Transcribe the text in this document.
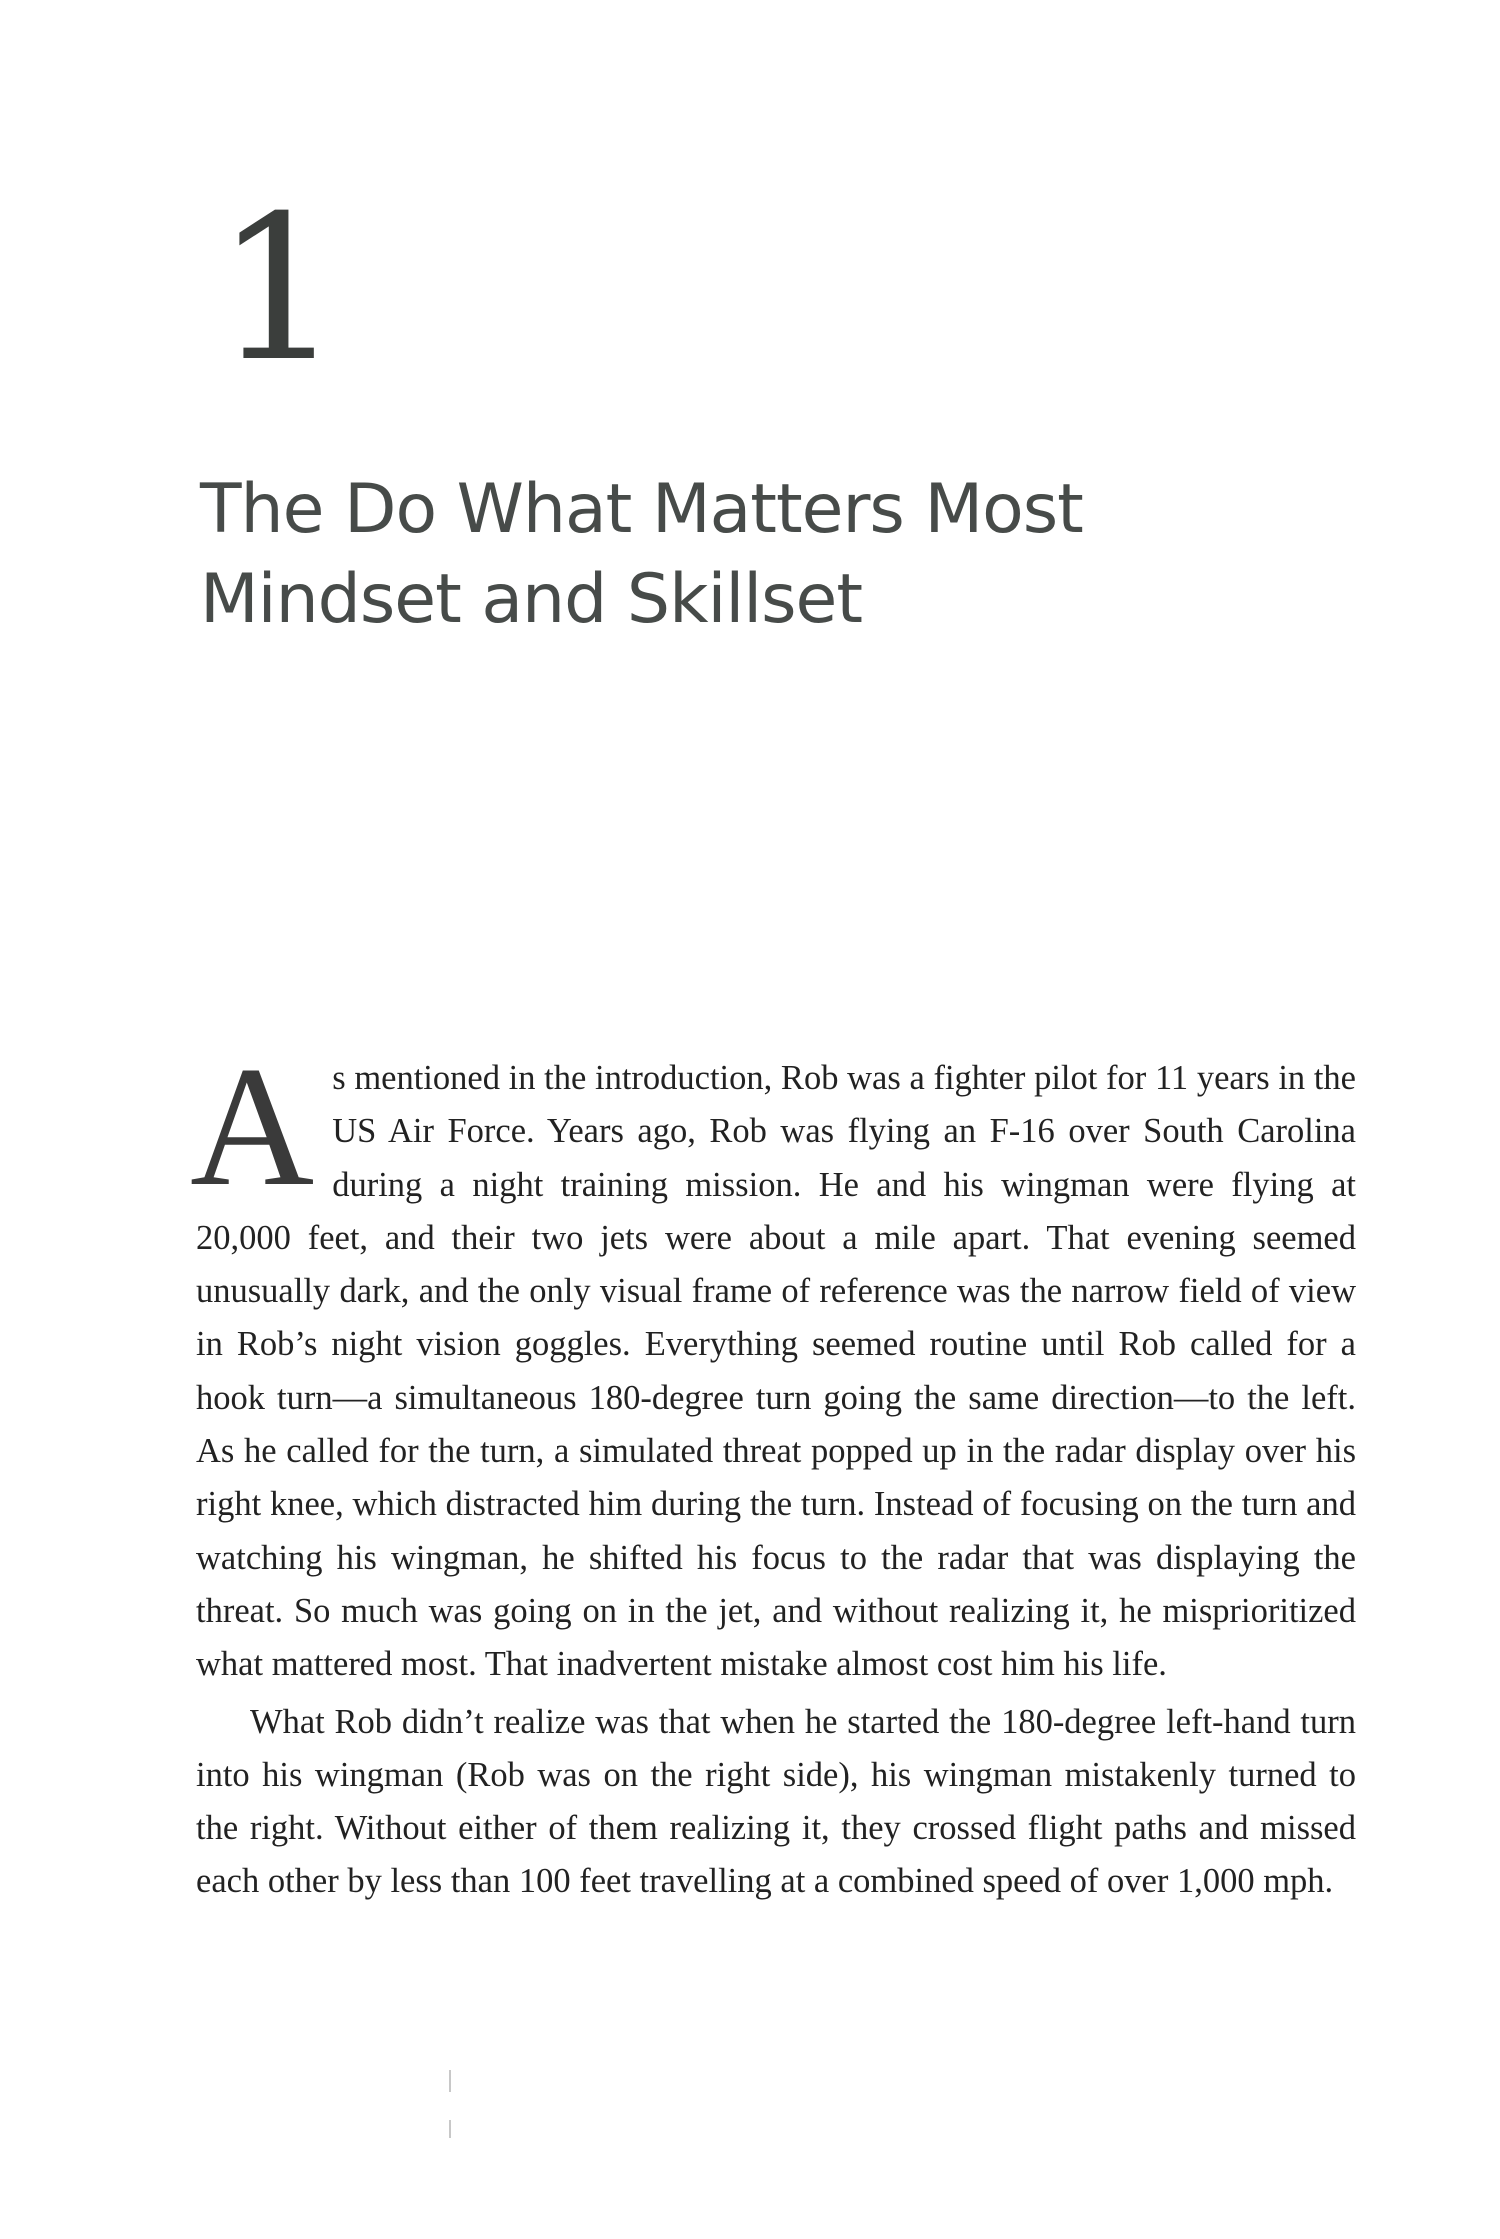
1
The Do What Matters Most
Mindset and Skillset

As mentioned in the introduction, Rob was a fighter pilot for 11 years in the US Air Force. Years ago, Rob was flying an F-16 over South Carolina during a night training mission. He and his wingman were flying at 20,000 feet, and their two jets were about a mile apart. That evening seemed unusually dark, and the only visual frame of reference was the narrow field of view in Rob’s night vision goggles. Everything seemed routine until Rob called for a hook turn—a simultaneous 180-degree turn going the same direction—to the left. As he called for the turn, a simulated threat popped up in the radar display over his right knee, which distracted him during the turn. Instead of focusing on the turn and watching his wingman, he shifted his focus to the radar that was displaying the threat. So much was going on in the jet, and without realizing it, he misprioritized what mattered most. That inadvertent mistake almost cost him his life.

What Rob didn’t realize was that when he started the 180-degree left-hand turn into his wingman (Rob was on the right side), his wingman mistakenly turned to the right. Without either of them realizing it, they crossed flight paths and missed each other by less than 100 feet travelling at a combined speed of over 1,000 mph.
